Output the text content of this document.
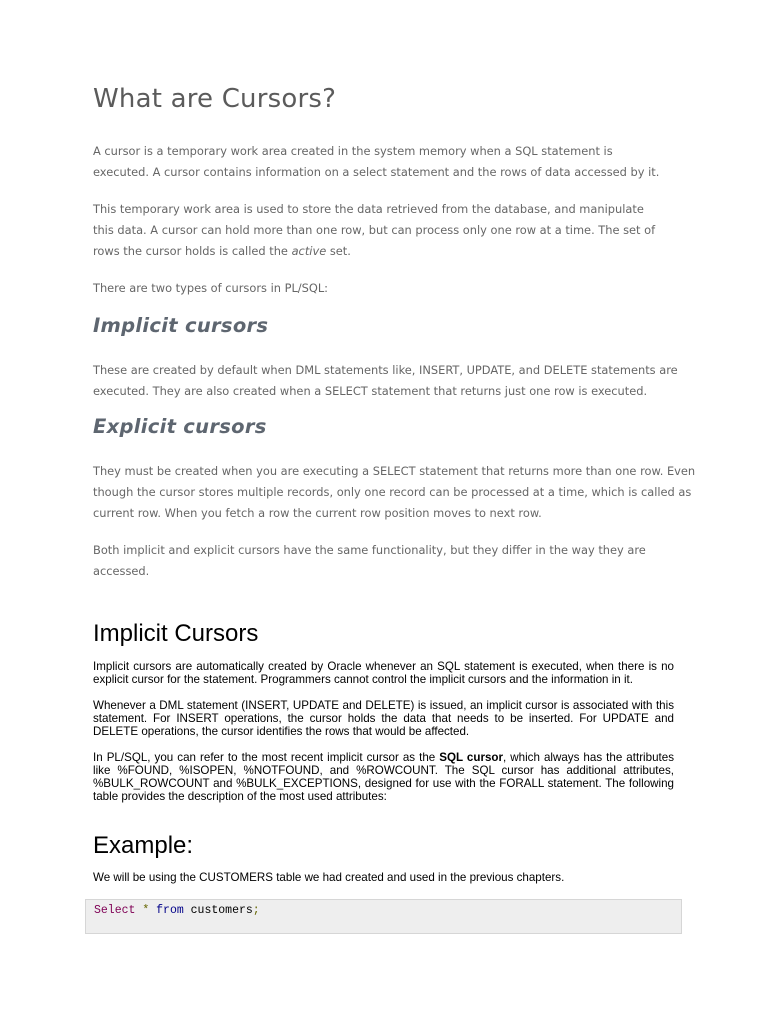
What are Cursors?

A cursor is a temporary work area created in the system memory when a SQL statement is
executed. A cursor contains information on a select statement and the rows of data accessed by it.

This temporary work area is used to store the data retrieved from the database, and manipulate
this data. A cursor can hold more than one row, but can process only one row at a time. The set of
rows the cursor holds is called the active set.

There are two types of cursors in PL/SQL:

Implicit cursors

These are created by default when DML statements like, INSERT, UPDATE, and DELETE statements are
executed. They are also created when a SELECT statement that returns just one row is executed.

Explicit cursors

They must be created when you are executing a SELECT statement that returns more than one row. Even
though the cursor stores multiple records, only one record can be processed at a time, which is called as
current row. When you fetch a row the current row position moves to next row.

Both implicit and explicit cursors have the same functionality, but they differ in the way they are
accessed.

Implicit Cursors

Implicit cursors are automatically created by Oracle whenever an SQL statement is executed, when there is no explicit cursor for the statement. Programmers cannot control the implicit cursors and the information in it.

Whenever a DML statement (INSERT, UPDATE and DELETE) is issued, an implicit cursor is associated with this statement. For INSERT operations, the cursor holds the data that needs to be inserted. For UPDATE and DELETE operations, the cursor identifies the rows that would be affected.

In PL/SQL, you can refer to the most recent implicit cursor as the SQL cursor, which always has the attributes like %FOUND, %ISOPEN, %NOTFOUND, and %ROWCOUNT. The SQL cursor has additional attributes, %BULK_ROWCOUNT and %BULK_EXCEPTIONS, designed for use with the FORALL statement. The following table provides the description of the most used attributes:

Example:

We will be using the CUSTOMERS table we had created and used in the previous chapters.

Select * from customers;
